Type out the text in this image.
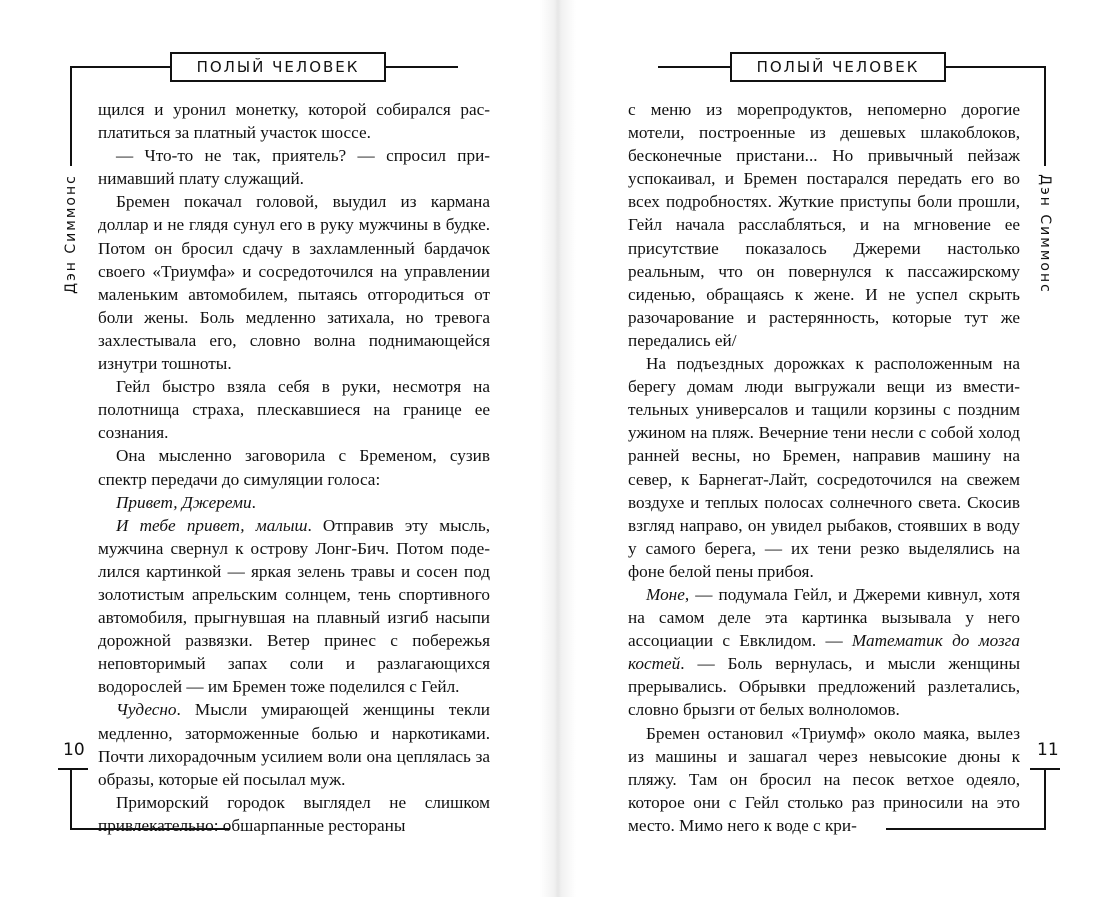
ПОЛЫЙ ЧЕЛОВЕК
Дэн Симмонс
10
ПОЛЫЙ ЧЕЛОВЕК
Дэн Симмонс
11

щился и уронил монетку, которой собирался расплатиться за платный участок шоссе.

— Что-то не так, приятель? — спросил принимавший плату служащий.

Бремен покачал головой, выудил из кармана доллар и не глядя сунул его в руку мужчины в будке. Потом он бросил сдачу в захламленный бардачок своего «Триумфа» и сосредоточился на управлении маленьким автомобилем, пытаясь отгородиться от боли жены. Боль медленно затихала, но тревога захлестывала его, словно волна поднимающейся изнутри тошноты.

Гейл быстро взяла себя в руки, несмотря на полотнища страха, плескавшиеся на границе ее сознания.

Она мысленно заговорила с Бременом, сузив спектр передачи до симуляции голоса:

Привет, Джереми.

И тебе привет, малыш. Отправив эту мысль, мужчина свернул к острову Лонг-Бич. Потом поделился картинкой — яркая зелень травы и сосен под золотистым апрельским солнцем, тень спортивного автомобиля, прыгнувшая на плавный изгиб насыпи дорожной развязки. Ветер принес с побережья неповторимый запах соли и разлагающихся водорослей — им Бремен тоже поделился с Гейл.

Чудесно. Мысли умирающей женщины текли медленно, заторможенные болью и наркотиками. Почти лихорадочным усилием воли она цеплялась за образы, которые ей посылал муж.

Приморский городок выглядел не слишком привлекательно: обшарпанные рестораны

с меню из морепродуктов, непомерно дорогие мотели, построенные из дешевых шлакоблоков, бесконечные пристани... Но привычный пейзаж успокаивал, и Бремен постарался передать его во всех подробностях. Жуткие приступы боли прошли, Гейл начала расслабляться, и на мгновение ее присутствие показалось Джереми настолько реальным, что он повернулся к пассажирскому сиденью, обращаясь к жене. И не успел скрыть разочарование и растерянность, которые тут же передались ей/

На подъездных дорожках к расположенным на берегу домам люди выгружали вещи из вместительных универсалов и тащили корзины с поздним ужином на пляж. Вечерние тени несли с собой холод ранней весны, но Бремен, направив машину на север, к Барнегат-Лайт, сосредоточился на свежем воздухе и теплых полосах солнечного света. Скосив взгляд направо, он увидел рыбаков, стоявших в воду у самого берега, — их тени резко выделялись на фоне белой пены прибоя.

Моне, — подумала Гейл, и Джереми кивнул, хотя на самом деле эта картинка вызывала у него ассоциации с Евклидом. — Математик до мозга костей. — Боль вернулась, и мысли женщины прерывались. Обрывки предложений разлетались, словно брызги от белых волноломов.

Бремен остановил «Триумф» около маяка, вылез из машины и зашагал через невысокие дюны к пляжу. Там он бросил на песок ветхое одеяло, которое они с Гейл столько раз приносили на это место. Мимо него к воде с кри-
